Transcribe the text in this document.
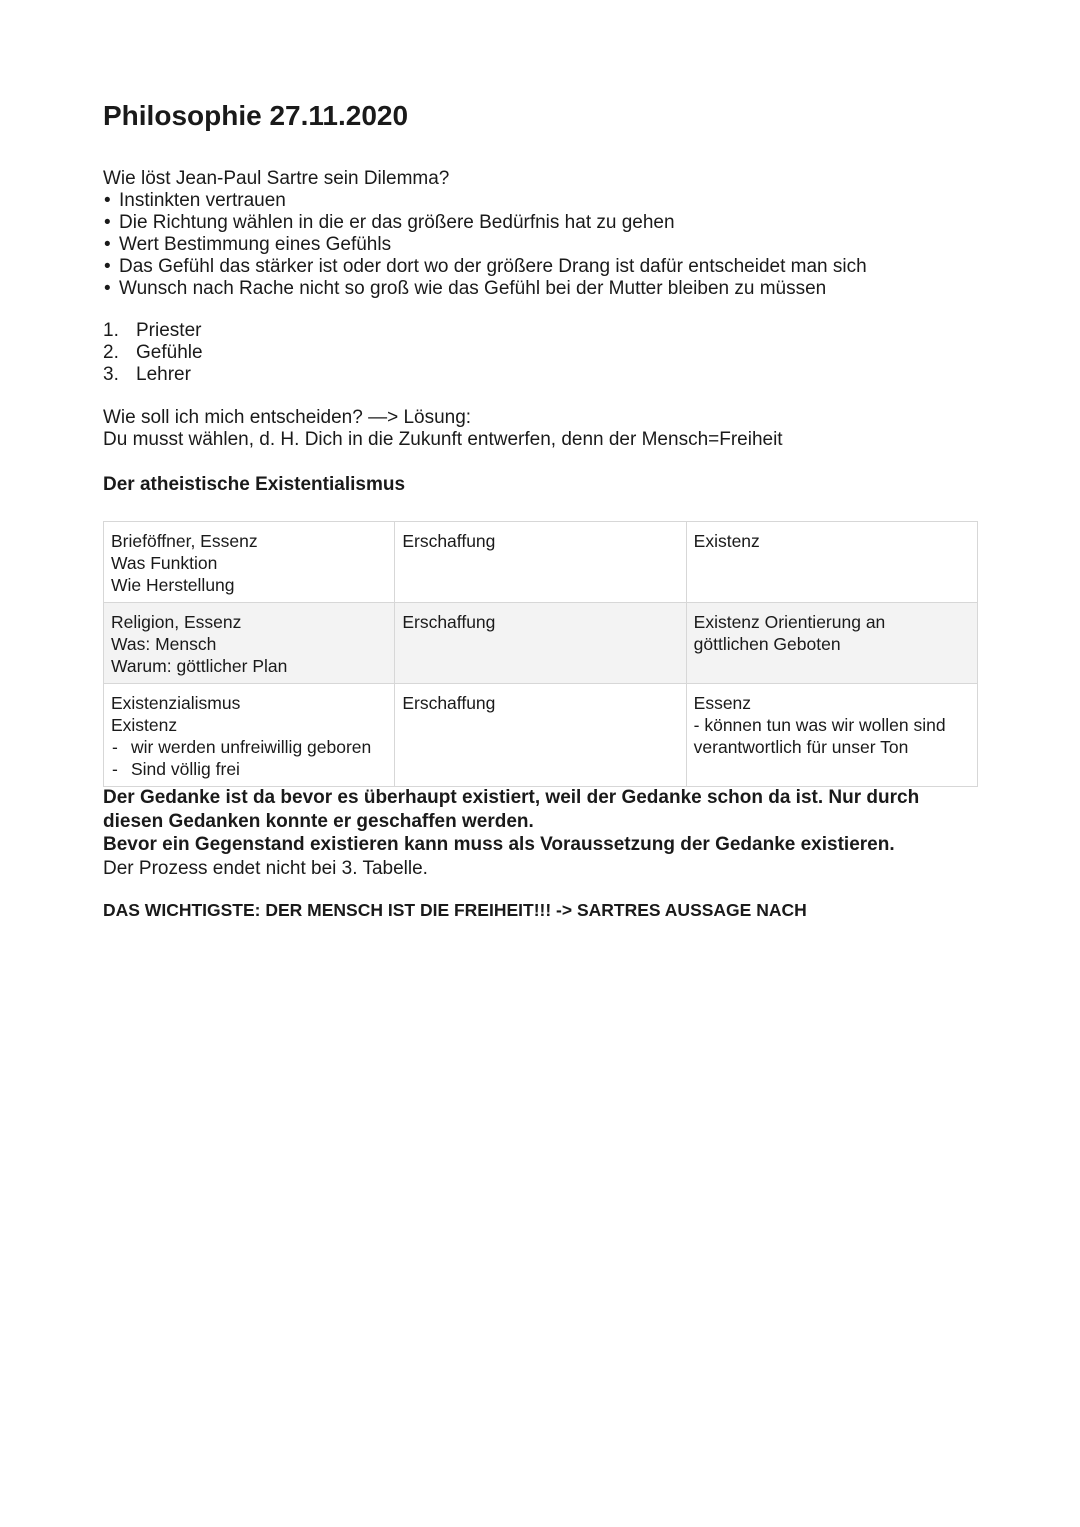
Philosophie 27.11.2020
Wie löst Jean-Paul Sartre sein Dilemma?
• Instinkten vertrauen
• Die Richtung wählen in die er das größere Bedürfnis hat zu gehen
• Wert Bestimmung eines Gefühls
• Das Gefühl das stärker ist oder dort wo der größere Drang ist dafür entscheidet man sich
• Wunsch nach Rache nicht so groß wie das Gefühl bei der Mutter bleiben zu müssen
1. Priester
2. Gefühle
3. Lehrer
Wie soll ich mich entscheiden? —> Lösung:
Du musst wählen, d. H. Dich in die Zukunft entwerfen, denn der Mensch=Freiheit
Der atheistische Existentialismus
Brieföffner, Essenz
Was Funktion
Wie Herstellung	Erschaffung	Existenz

Religion, Essenz
Was: Mensch
Warum: göttlicher Plan	Erschaffung	Existenz Orientierung an
göttlichen Geboten

Existenzialismus
Existenz
- wir werden unfreiwillig geboren
- Sind völlig frei	Erschaffung	Essenz
- können tun was wir wollen sind
verantwortlich für unser Ton
Der Gedanke ist da bevor es überhaupt existiert, weil der Gedanke schon da ist. Nur durch diesen Gedanken konnte er geschaffen werden.
Bevor ein Gegenstand existieren kann muss als Voraussetzung der Gedanke existieren.
Der Prozess endet nicht bei 3. Tabelle.

DAS WICHTIGSTE: DER MENSCH IST DIE FREIHEIT!!! -> SARTRES AUSSAGE NACH
